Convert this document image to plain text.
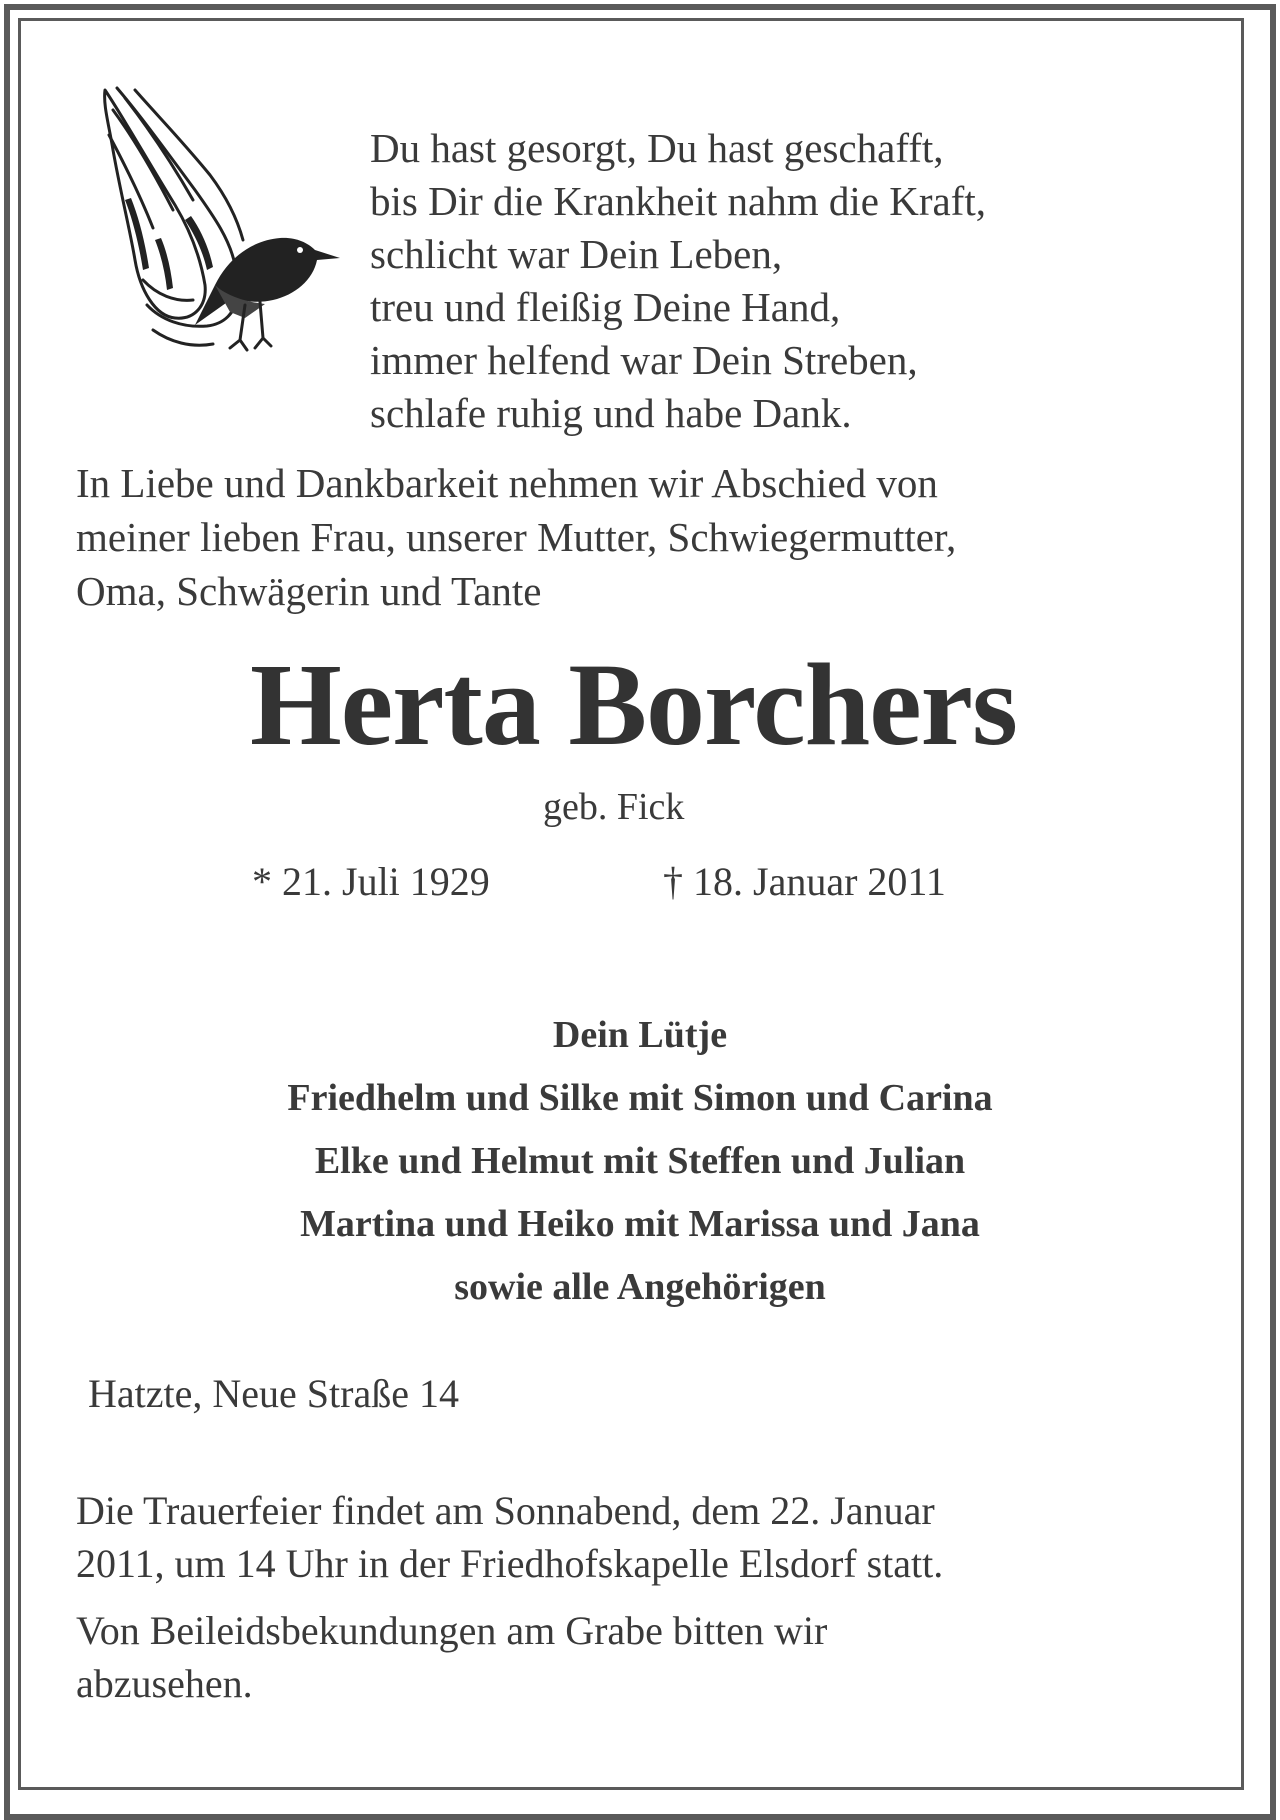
Du hast gesorgt, Du hast geschafft,
bis Dir die Krankheit nahm die Kraft,
schlicht war Dein Leben,
treu und fleißig Deine Hand,
immer helfend war Dein Streben,
schlafe ruhig und habe Dank.
In Liebe und Dankbarkeit nehmen wir Abschied von
meiner lieben Frau, unserer Mutter, Schwiegermutter,
Oma, Schwägerin und Tante
Herta Borchers
geb. Fick
* 21. Juli 1929	† 18. Januar 2011
Dein Lütje
Friedhelm und Silke mit Simon und Carina
Elke und Helmut mit Steffen und Julian
Martina und Heiko mit Marissa und Jana
sowie alle Angehörigen
Hatzte, Neue Straße 14
Die Trauerfeier findet am Sonnabend, dem 22. Januar
2011, um 14 Uhr in der Friedhofskapelle Elsdorf statt.
Von Beileidsbekundungen am Grabe bitten wir
abzusehen.
